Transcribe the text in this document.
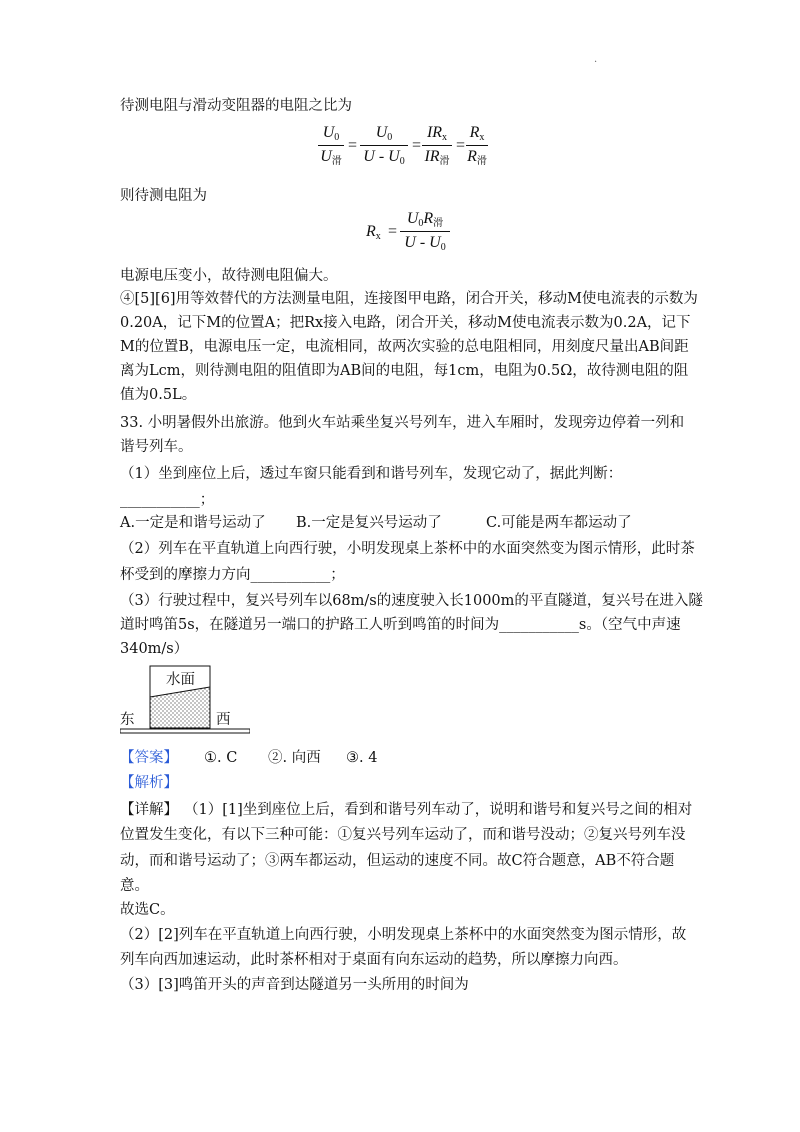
.
待测电阻与滑动变阻器的电阻之比为
$U_0$
$U_滑$
= $\frac{U_0}{U - U_0}$ =
$IR_x$
$IR_滑$
=
$R_x$
$R_滑$
则待测电阻为
$R_x$ =
$U_0R_滑$
U - $U_0$
电源电压变小，故待测电阻偏大。
④[5][6]用等效替代的方法测量电阻，连接图甲电路，闭合开关，移动M使电流表的示数为
0.20A，记下M的位置A；把Rx接入电路，闭合开关，移动M使电流表示数为0.2A，记下
M的位置B，电源电压一定，电流相同，故两次实验的总电阻相同，用刻度尺量出AB间距
离为Lcm，则待测电阻的阻值即为AB间的电阻，每1cm，电阻为0.5Ω，故待测电阻的阻
值为0.5L。
33. 小明暑假外出旅游。他到火车站乘坐复兴号列车，进入车厢时，发现旁边停着一列和
谐号列车。
（1）坐到座位上后，透过车窗只能看到和谐号列车，发现它动了，据此判断：
___________；
A.一定是和谐号运动了 B.一定是复兴号运动了	C.可能是两车都运动了
（2）列车在平直轨道上向西行驶，小明发现桌上茶杯中的水面突然变为图示情形，此时茶
杯受到的摩擦力方向___________；
（3）行驶过程中，复兴号列车以68m/s的速度驶入长1000m的平直隧道，复兴号在进入隧
道时鸣笛5s，在隧道另一端口的护路工人听到鸣笛的时间为___________s。（空气中声速
340m/s）
水面
东	西
【答案】 ①. C ②. 向西 ③. 4
【解析】
【详解】 （1）[1]坐到座位上后，看到和谐号列车动了，说明和谐号和复兴号之间的相对
位置发生变化，有以下三种可能：①复兴号列车运动了，而和谐号没动；②复兴号列车没
动，而和谐号运动了；③两车都运动，但运动的速度不同。故C符合题意，AB不符合题
意。
故选C。
（2）[2]列车在平直轨道上向西行驶，小明发现桌上茶杯中的水面突然变为图示情形，故
列车向西加速运动，此时茶杯相对于桌面有向东运动的趋势，所以摩擦力向西。
（3）[3]鸣笛开头的声音到达隧道另一头所用的时间为
